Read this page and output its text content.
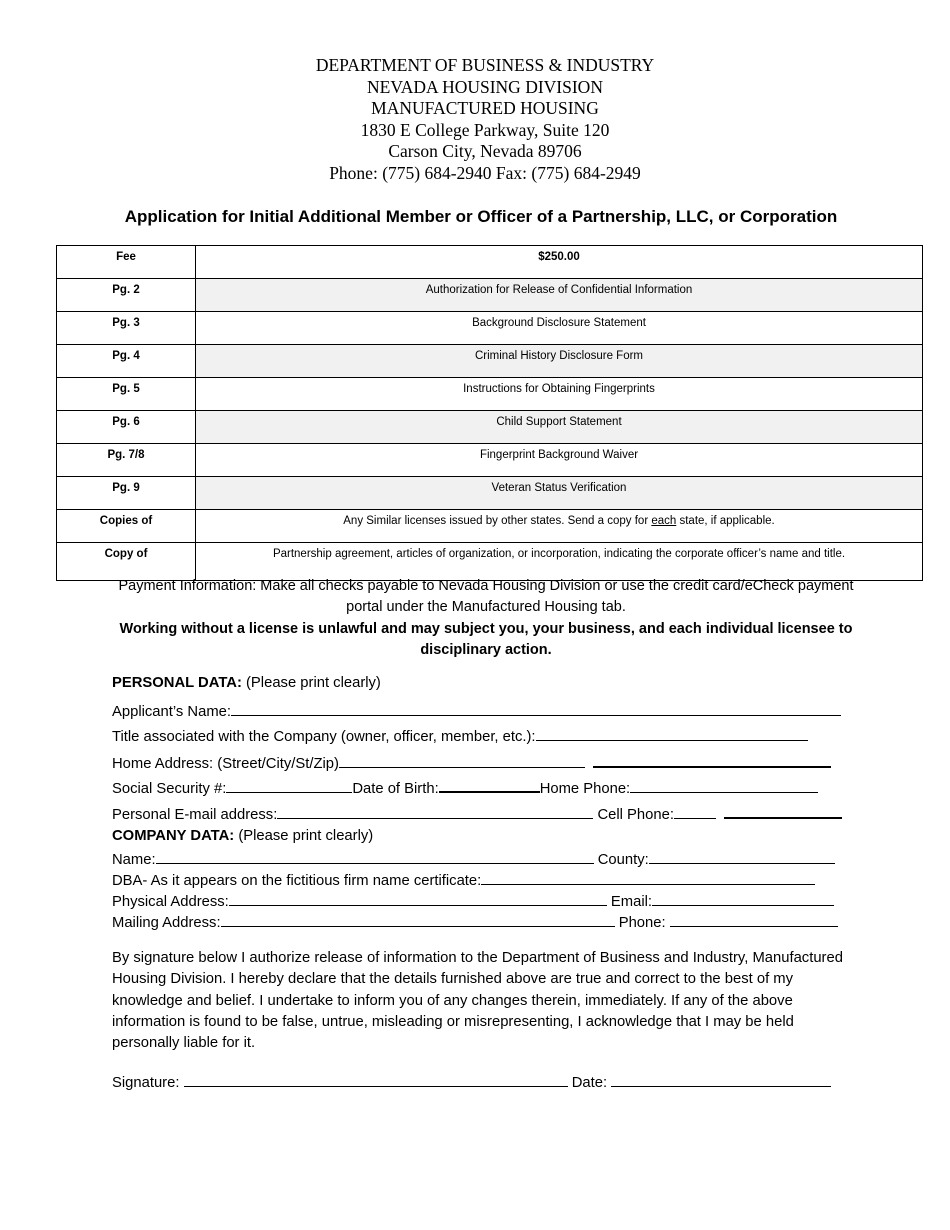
DEPARTMENT OF BUSINESS & INDUSTRY
NEVADA HOUSING DIVISION
MANUFACTURED HOUSING
1830 E College Parkway, Suite 120
Carson City, Nevada 89706
Phone: (775) 684-2940 Fax: (775) 684-2949
Application for Initial Additional Member or Officer of a Partnership, LLC, or Corporation
Fee	$250.00
Pg. 2	Authorization for Release of Confidential Information
Pg. 3	Background Disclosure Statement
Pg. 4	Criminal History Disclosure Form
Pg. 5	Instructions for Obtaining Fingerprints
Pg. 6	Child Support Statement
Pg. 7/8	Fingerprint Background Waiver
Pg. 9	Veteran Status Verification
Copies of	Any Similar licenses issued by other states. Send a copy for each state, if applicable.
Copy of	Partnership agreement, articles of organization, or incorporation, indicating the corporate officer’s name and title.
Payment Information: Make all checks payable to Nevada Housing Division or use the credit card/eCheck payment portal under the Manufactured Housing tab.
Working without a license is unlawful and may subject you, your business, and each individual licensee to disciplinary action.
PERSONAL DATA: (Please print clearly)
Applicant’s Name:
Title associated with the Company (owner, officer, member, etc.):
Home Address: (Street/City/St/Zip)
Social Security #:	Date of Birth:	Home Phone:
Personal E-mail address:	Cell Phone:
COMPANY DATA: (Please print clearly)
Name:	County:
DBA- As it appears on the fictitious firm name certificate:
Physical Address:	Email:
Mailing Address:	Phone:
By signature below I authorize release of information to the Department of Business and Industry, Manufactured Housing Division. I hereby declare that the details furnished above are true and correct to the best of my knowledge and belief. I undertake to inform you of any changes therein, immediately. If any of the above information is found to be false, untrue, misleading or misrepresenting, I acknowledge that I may be held personally liable for it.
Signature:	Date:
